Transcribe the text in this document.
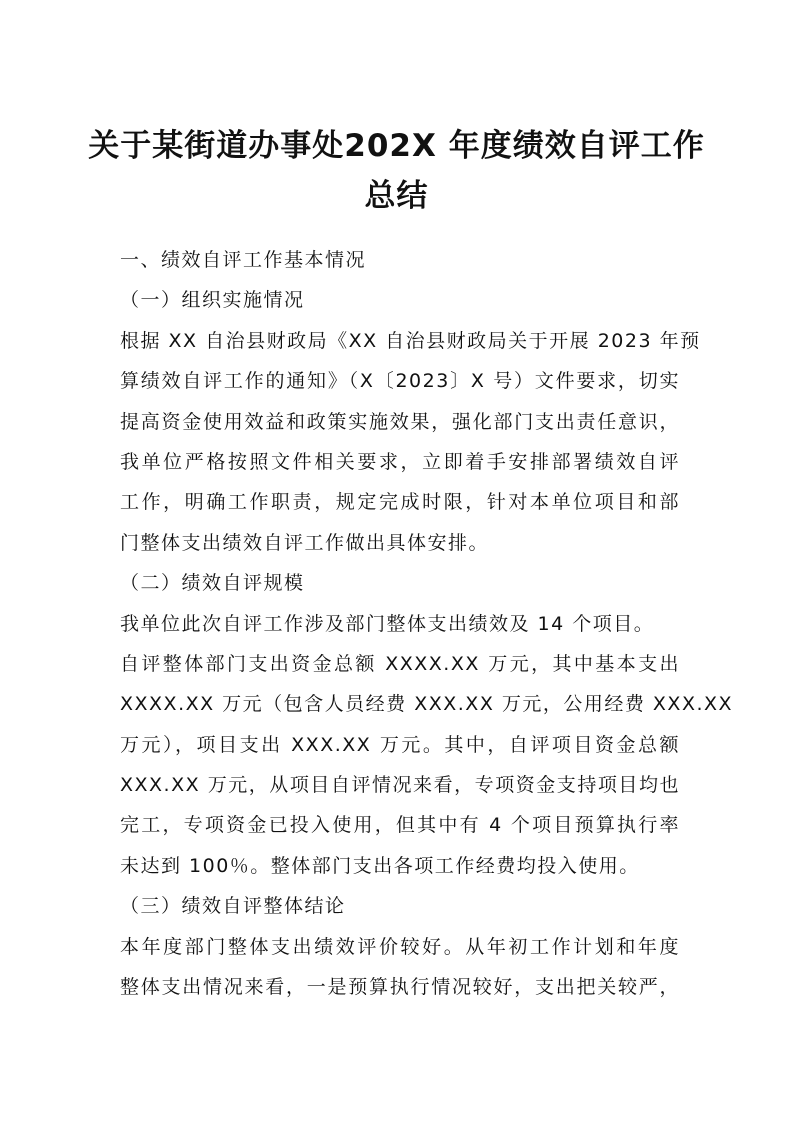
关于某街道办事处202X 年度绩效自评工作
总结
一、绩效自评工作基本情况
（一）组织实施情况
根据 XX 自治县财政局《XX 自治县财政局关于开展 2023 年预
算绩效自评工作的通知》（X〔2023〕X 号）文件要求，切实
提高资金使用效益和政策实施效果，强化部门支出责任意识，
我单位严格按照文件相关要求，立即着手安排部署绩效自评
工作，明确工作职责，规定完成时限，针对本单位项目和部
门整体支出绩效自评工作做出具体安排。
（二）绩效自评规模
我单位此次自评工作涉及部门整体支出绩效及 14 个项目。
自评整体部门支出资金总额 XXXX.XX 万元，其中基本支出
XXXX.XX 万元（包含人员经费 XXX.XX 万元，公用经费 XXX.XX
万元），项目支出 XXX.XX 万元。其中，自评项目资金总额
XXX.XX 万元，从项目自评情况来看，专项资金支持项目均也
完工，专项资金已投入使用，但其中有 4 个项目预算执行率
未达到 100％。整体部门支出各项工作经费均投入使用。
（三）绩效自评整体结论
本年度部门整体支出绩效评价较好。从年初工作计划和年度
整体支出情况来看，一是预算执行情况较好，支出把关较严，
